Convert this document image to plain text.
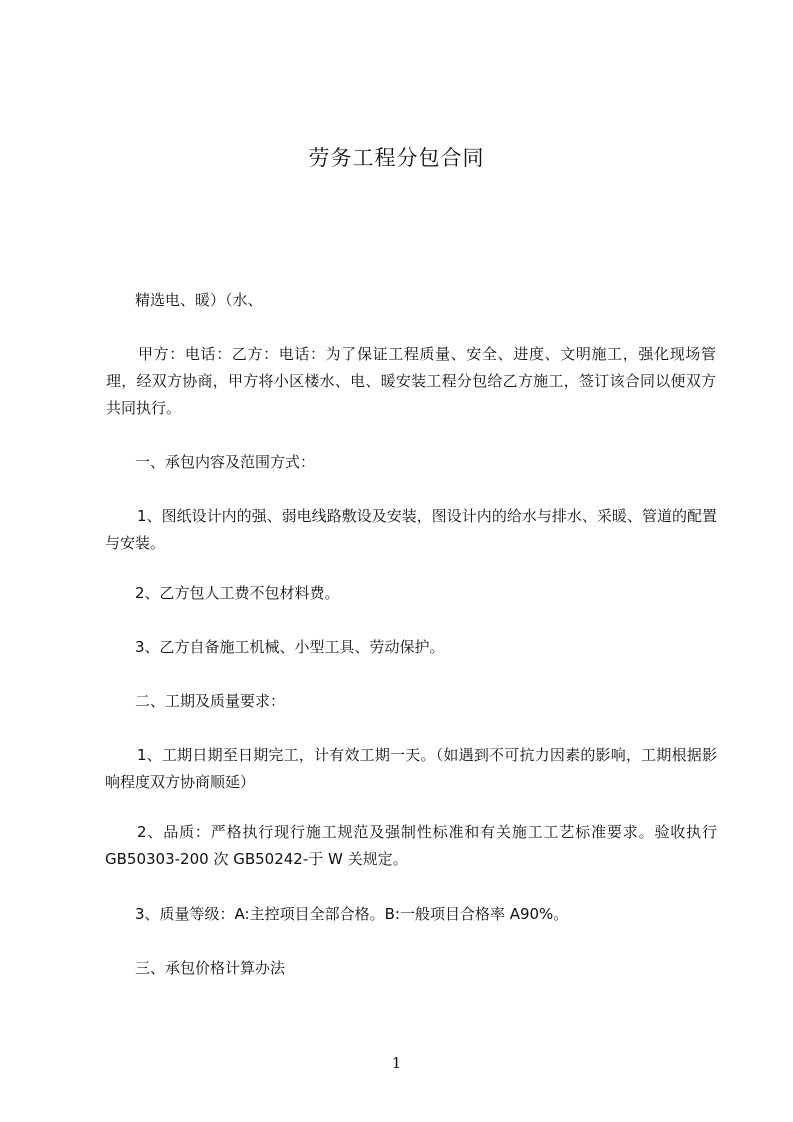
劳务工程分包合同

精选电、暖）（水、

甲方：电话：乙方：电话：为了保证工程质量、安全、进度、文明施工，强化现场管理，经双方协商，甲方将小区楼水、电、暖安装工程分包给乙方施工，签订该合同以便双方共同执行。

一、承包内容及范围方式：

1、图纸设计内的强、弱电线路敷设及安装，图设计内的给水与排水、采暖、管道的配置与安装。

2、乙方包人工费不包材料费。

3、乙方自备施工机械、小型工具、劳动保护。

二、工期及质量要求：

1、工期日期至日期完工，计有效工期一天。（如遇到不可抗力因素的影响，工期根据影响程度双方协商顺延）

2、品质：严格执行现行施工规范及强制性标准和有关施工工艺标准要求。验收执行 GB50303-200 次 GB50242-于 W 关规定。

3、质量等级：A:主控项目全部合格。B:一般项目合格率 A90%。

三、承包价格计算办法

1
